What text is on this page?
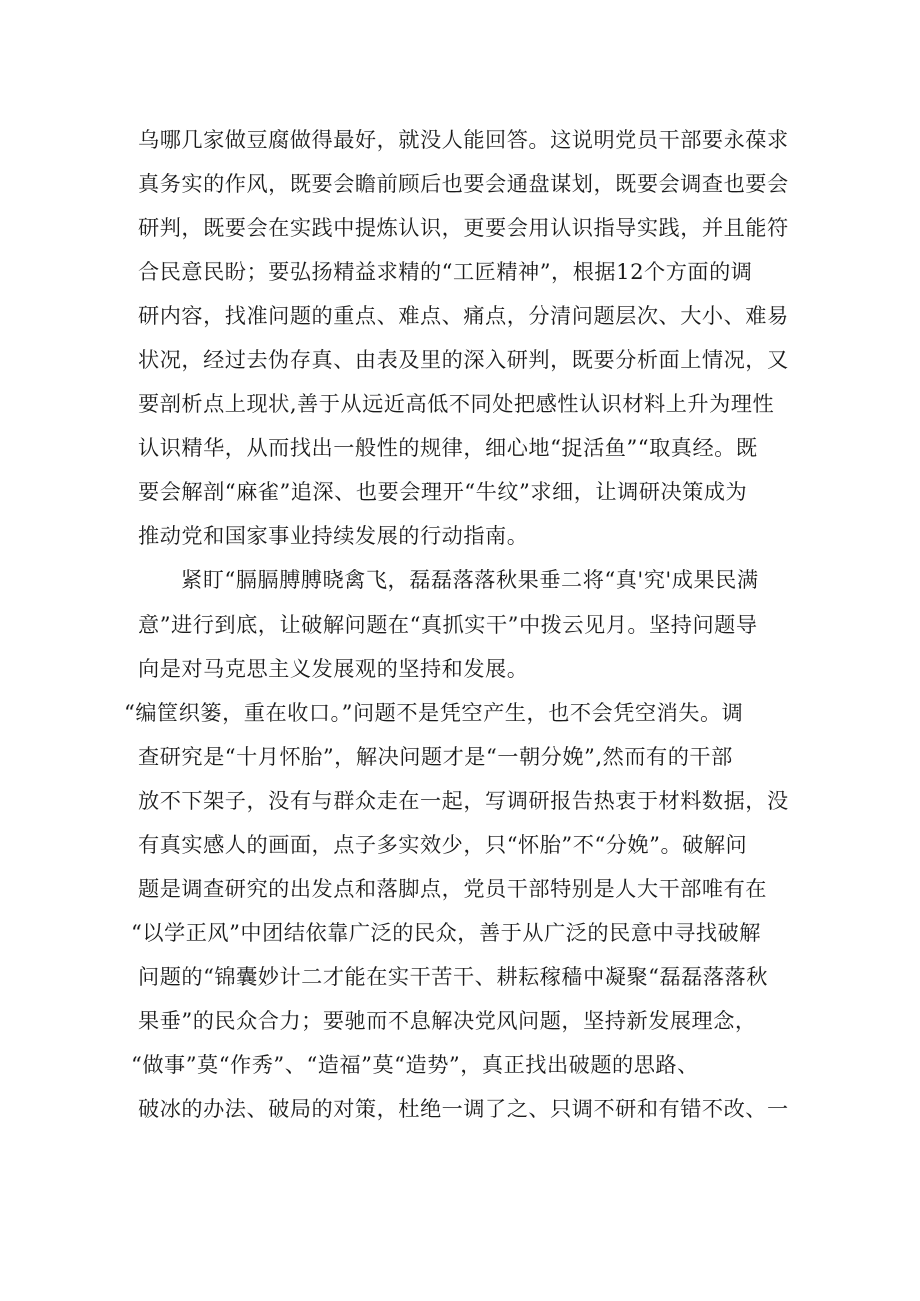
乌哪几家做豆腐做得最好，就没人能回答。这说明党员干部要永葆求

真务实的作风，既要会瞻前顾后也要会通盘谋划，既要会调查也要会

研判，既要会在实践中提炼认识，更要会用认识指导实践，并且能符

合民意民盼；要弘扬精益求精的“工匠精神”，根据12个方面的调

研内容，找准问题的重点、难点、痛点，分清问题层次、大小、难易

状况，经过去伪存真、由表及里的深入研判，既要分析面上情况，又

要剖析点上现状,善于从远近高低不同处把感性认识材料上升为理性

认识精华，从而找出一般性的规律，细心地“捉活鱼”“取真经。既

要会解剖“麻雀”追深、也要会理开“牛纹”求细，让调研决策成为

推动党和国家事业持续发展的行动指南。

紧盯“膈膈膊膊晓禽飞，磊磊落落秋果垂二将“真'究'成果民满

意”进行到底，让破解问题在“真抓实干”中拨云见月。坚持问题导

向是对马克思主义发展观的坚持和发展。

“编筐织篓，重在收口。”问题不是凭空产生，也不会凭空消失。调

查研究是“十月怀胎”，解决问题才是“一朝分娩”,然而有的干部

放不下架子，没有与群众走在一起，写调研报告热衷于材料数据，没

有真实感人的画面，点子多实效少，只“怀胎”不“分娩”。破解问

题是调查研究的出发点和落脚点，党员干部特别是人大干部唯有在

“以学正风”中团结依靠广泛的民众，善于从广泛的民意中寻找破解

问题的“锦囊妙计二才能在实干苦干、耕耘稼穑中凝聚“磊磊落落秋

果垂”的民众合力；要驰而不息解决党风问题，坚持新发展理念，

“做事”莫“作秀”、“造福”莫“造势”，真正找出破题的思路、

破冰的办法、破局的对策，杜绝一调了之、只调不研和有错不改、一
